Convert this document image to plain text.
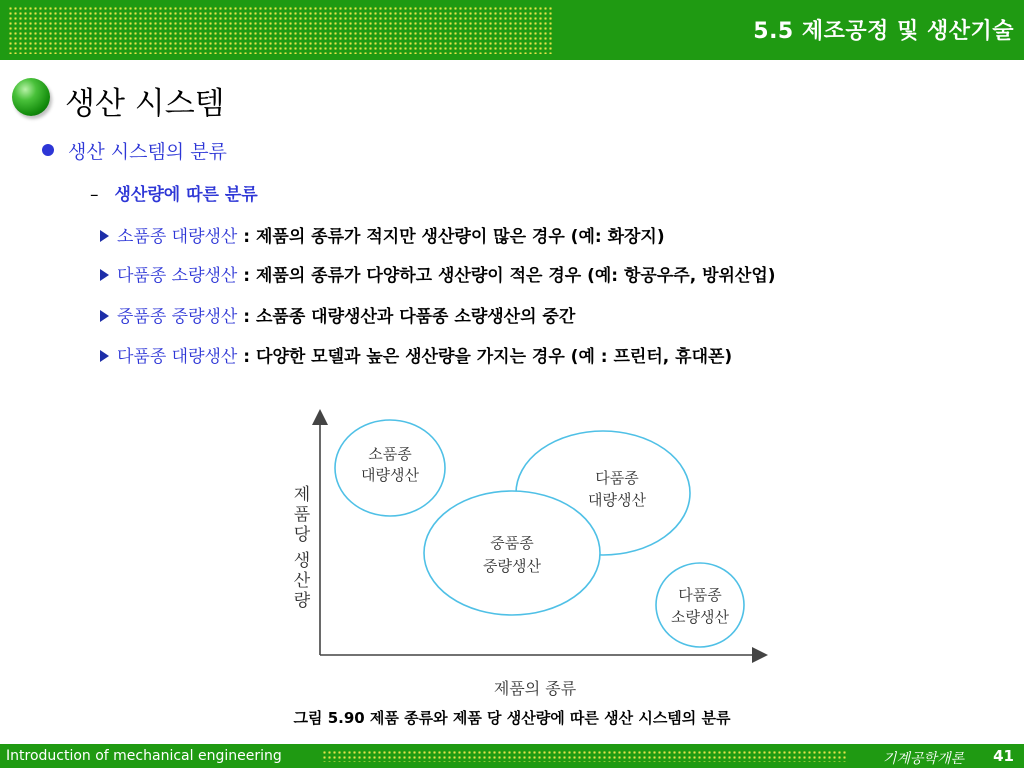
5.5 제조공정 및 생산기술
생산 시스템
생산 시스템의 분류
– 생산량에 따른 분류
소품종 대량생산 : 제품의 종류가 적지만 생산량이 많은 경우 (예: 화장지)
다품종 소량생산 : 제품의 종류가 다양하고 생산량이 적은 경우 (예: 항공우주, 방위산업)
중품종 중량생산 : 소품종 대량생산과 다품종 소량생산의 중간
다품종 대량생산 : 다양한 모델과 높은 생산량을 가지는 경우 (예 : 프린터, 휴대폰)
소품종
대량생산	다품종
대량생산
중품종
중량생산
다품종
소량생산
제품의 종류
제
품
당
생
산
량
그림 5.90 제품 종류와 제품 당 생산량에 따른 생산 시스템의 분류
Introduction of mechanical engineering	기계공학개론 41
